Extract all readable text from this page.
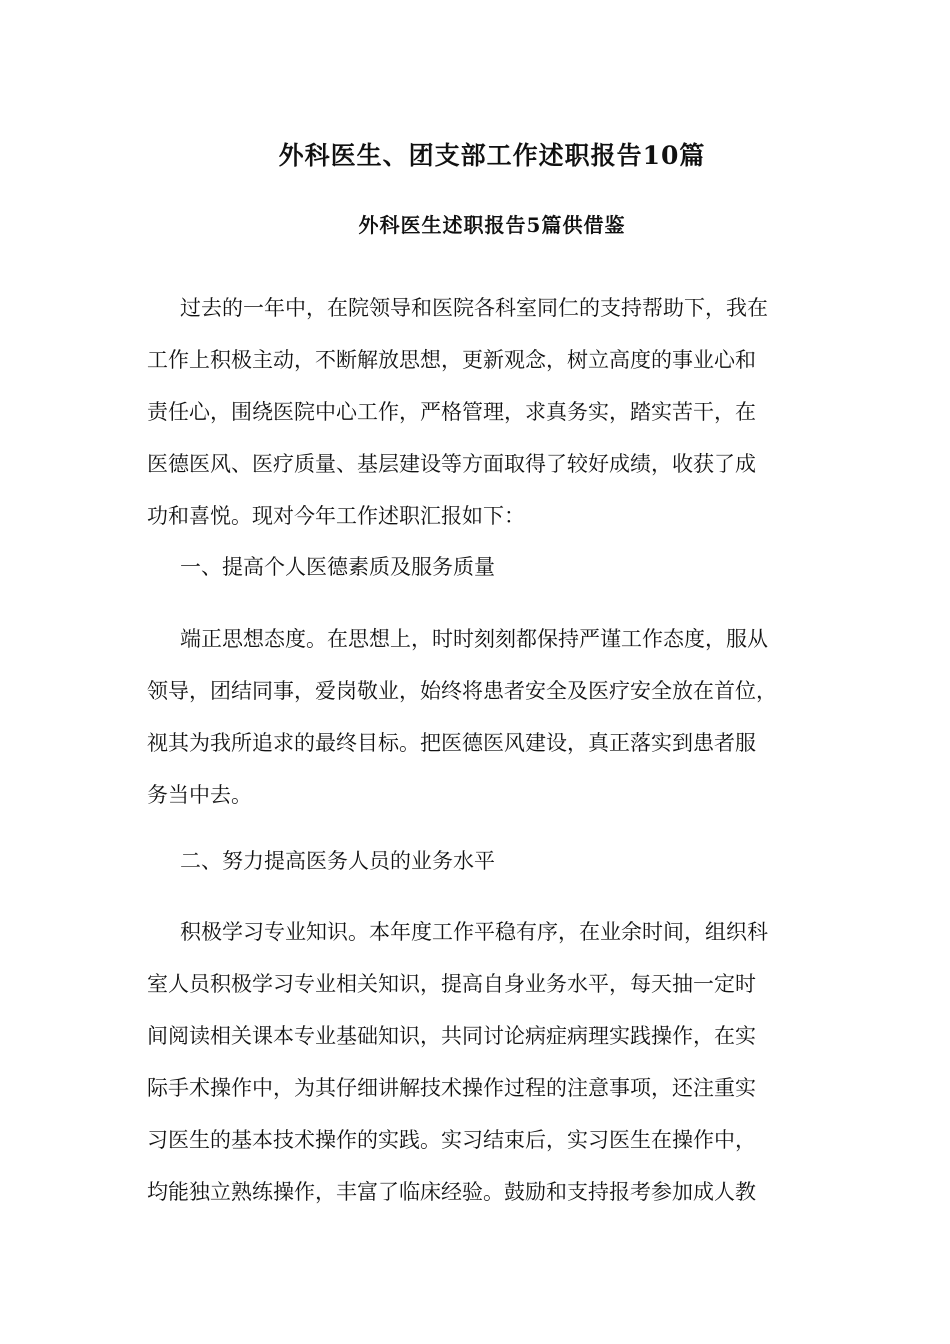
外科医生、团支部工作述职报告10篇
外科医生述职报告5篇供借鉴
过去的一年中，在院领导和医院各科室同仁的支持帮助下，我在
工作上积极主动，不断解放思想，更新观念，树立高度的事业心和
责任心，围绕医院中心工作，严格管理，求真务实，踏实苦干，在
医德医风、医疗质量、基层建设等方面取得了较好成绩，收获了成
功和喜悦。现对今年工作述职汇报如下：
一、提高个人医德素质及服务质量
端正思想态度。在思想上，时时刻刻都保持严谨工作态度，服从
领导，团结同事，爱岗敬业，始终将患者安全及医疗安全放在首位，
视其为我所追求的最终目标。把医德医风建设，真正落实到患者服
务当中去。
二、努力提高医务人员的业务水平
积极学习专业知识。本年度工作平稳有序，在业余时间，组织科
室人员积极学习专业相关知识，提高自身业务水平，每天抽一定时
间阅读相关课本专业基础知识，共同讨论病症病理实践操作，在实
际手术操作中，为其仔细讲解技术操作过程的注意事项，还注重实
习医生的基本技术操作的实践。实习结束后，实习医生在操作中，
均能独立熟练操作，丰富了临床经验。鼓励和支持报考参加成人教
